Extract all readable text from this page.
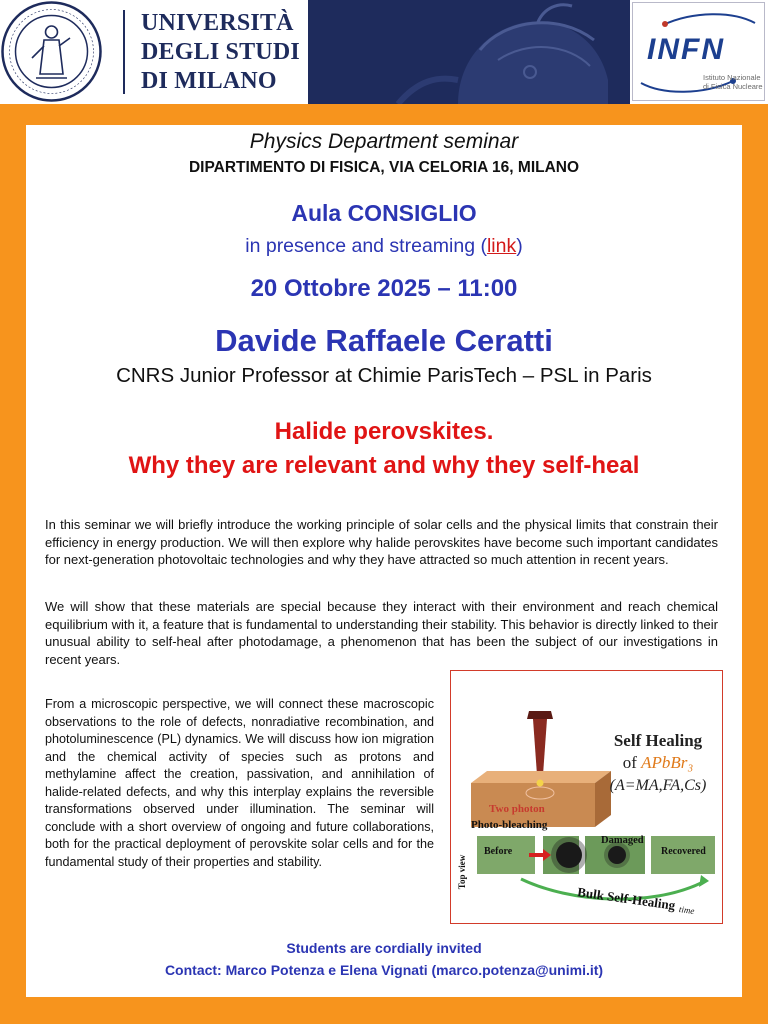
UNIVERSITÀ
DEGLI STUDI
DI MILANO
INFN
Istituto Nazionale di Fisica Nucleare
Physics Department seminar
DIPARTIMENTO DI FISICA, VIA CELORIA 16, MILANO
Aula CONSIGLIO
in presence and streaming (link)
20 Ottobre 2025 – 11:00
Davide Raffaele Ceratti
CNRS Junior Professor at Chimie ParisTech – PSL in Paris
Halide perovskites.
Why they are relevant and why they self-heal
In this seminar we will briefly introduce the working principle of solar cells and the physical limits that constrain their efficiency in energy production. We will then explore why halide perovskites have become such important candidates for next-generation photovoltaic technologies and why they have attracted so much attention in recent years.
We will show that these materials are special because they interact with their environment and reach chemical equilibrium with it, a feature that is fundamental to understanding their stability. This behavior is directly linked to their unusual ability to self-heal after photodamage, a phenomenon that has been the subject of our investigations in recent years.
From a microscopic perspective, we will connect these macroscopic observations to the role of defects, nonradiative recombination, and photoluminescence (PL) dynamics. We will discuss how ion migration and the chemical activity of species such as protons and methylamine affect the creation, passivation, and annihilation of halide-related defects, and why this interplay explains the reversible transformations observed under illumination. The seminar will conclude with a short overview of ongoing and future collaborations, both for the practical deployment of perovskite solar cells and for the fundamental study of their properties and stability.
Self Healing
of APbBr₃
(A=MA,FA,Cs)
Two photon
Photo-bleaching
Damaged
Before	Recovered
Top view
Bulk Self-Healing time
Students are cordially invited
Contact: Marco Potenza e Elena Vignati (marco.potenza@unimi.it)
